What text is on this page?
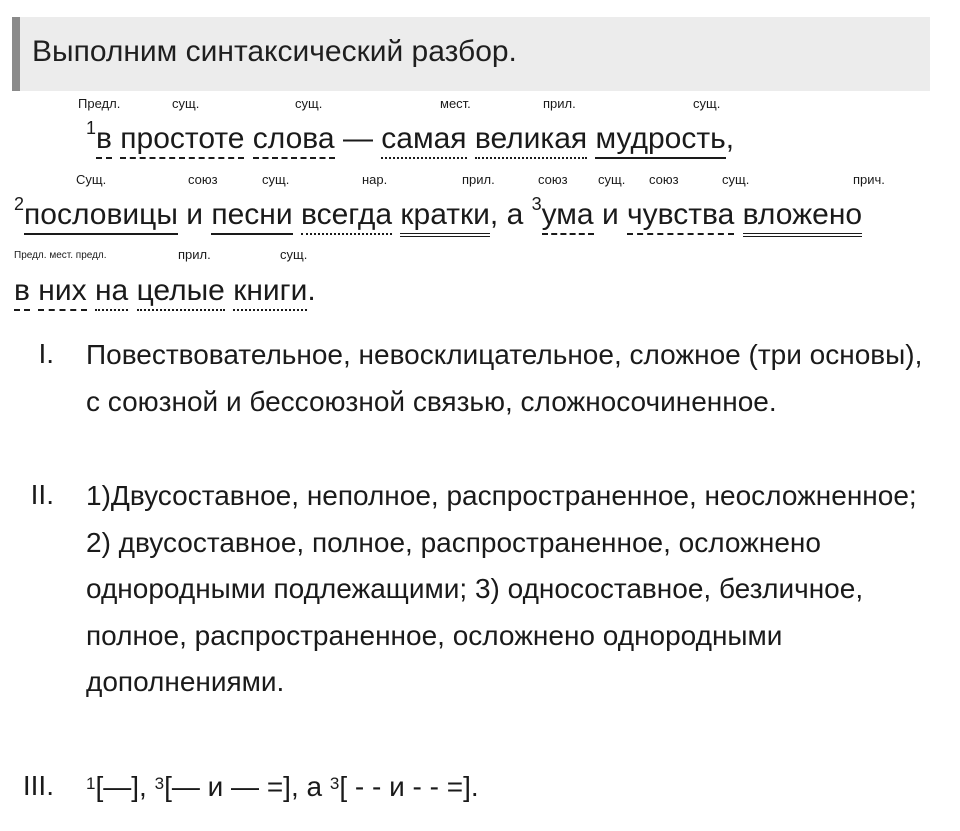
Выполним синтаксический разбор.
Предл.	сущ.	сущ.	мест.	прил.	сущ.
$^1$в простоте слова — самая великая мудрость,
Сущ.	союз	сущ.	нар.	прил.	союз сущ. союз	сущ.	прич.
$^2$пословицы и песни всегда кратки, а $^3$ума и чувства вложено
Предл. мест. предл.	прил.	сущ.
в них на целые книги.
I. Повествовательное, невосклицательное, сложное (три основы), с союзной и бессоюзной связью, сложносочиненное.
II. 1)Двусоставное, неполное, распространенное, неосложненное; 2) двусоставное, полное, распространенное, осложнено однородными подлежащими; 3) односоставное, безличное, полное, распространенное, осложнено однородными дополнениями.
III. $^1$[—], $^3$[— и — =], а $^3$[ - - и - - =].
